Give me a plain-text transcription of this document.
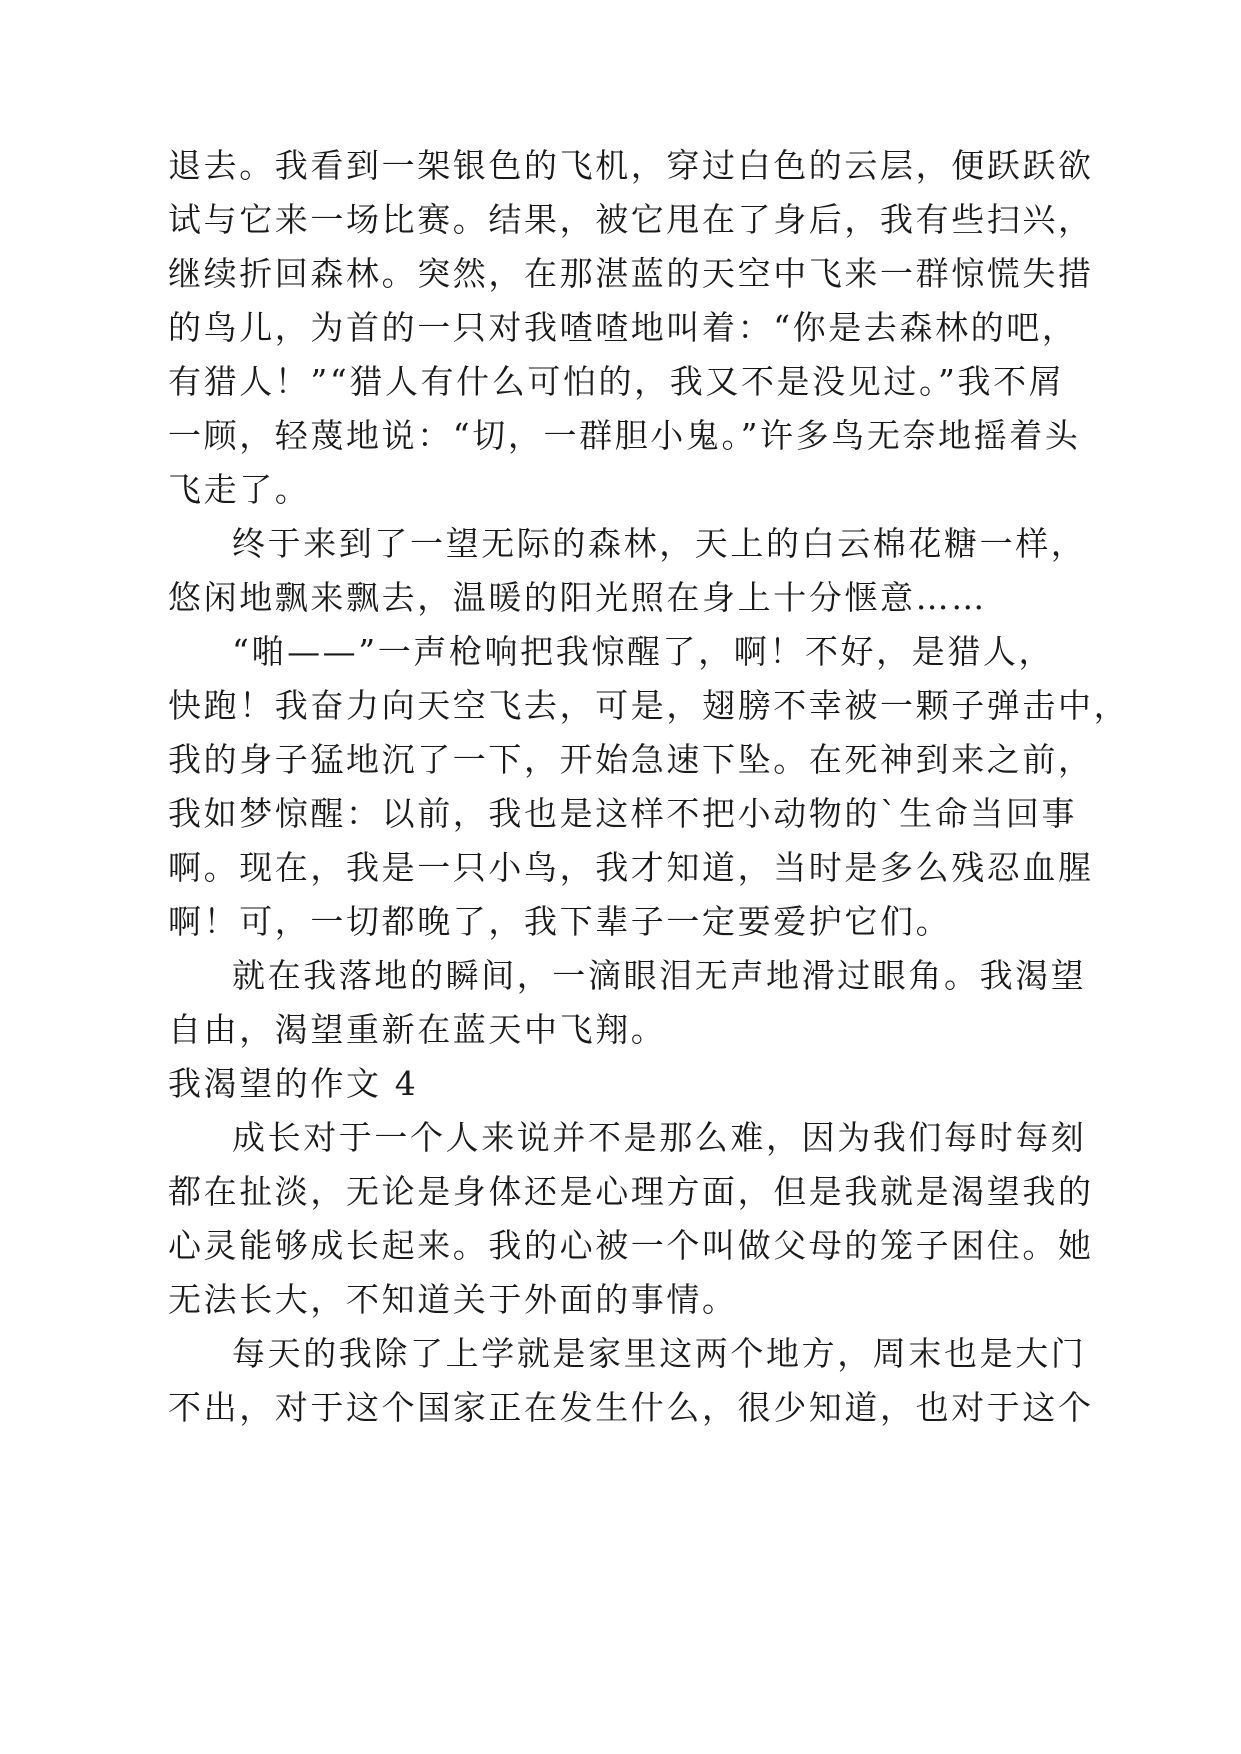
退去。我看到一架银色的飞机，穿过白色的云层，便跃跃欲
试与它来一场比赛。结果，被它甩在了身后，我有些扫兴，
继续折回森林。突然，在那湛蓝的天空中飞来一群惊慌失措
的鸟儿，为首的一只对我喳喳地叫着：“你是去森林的吧，
有猎人！”“猎人有什么可怕的，我又不是没见过。”我不屑
一顾，轻蔑地说：“切，一群胆小鬼。”许多鸟无奈地摇着头
飞走了。
终于来到了一望无际的森林，天上的白云棉花糖一样，
悠闲地飘来飘去，温暖的阳光照在身上十分惬意……
“啪——”一声枪响把我惊醒了，啊！不好，是猎人，
快跑！我奋力向天空飞去，可是，翅膀不幸被一颗子弹击中，
我的身子猛地沉了一下，开始急速下坠。在死神到来之前，
我如梦惊醒：以前，我也是这样不把小动物的`生命当回事
啊。现在，我是一只小鸟，我才知道，当时是多么残忍血腥
啊！可，一切都晚了，我下辈子一定要爱护它们。
就在我落地的瞬间，一滴眼泪无声地滑过眼角。我渴望
自由，渴望重新在蓝天中飞翔。
我渴望的作文 4
成长对于一个人来说并不是那么难，因为我们每时每刻
都在扯淡，无论是身体还是心理方面，但是我就是渴望我的
心灵能够成长起来。我的心被一个叫做父母的笼子困住。她
无法长大，不知道关于外面的事情。
每天的我除了上学就是家里这两个地方，周末也是大门
不出，对于这个国家正在发生什么，很少知道，也对于这个
